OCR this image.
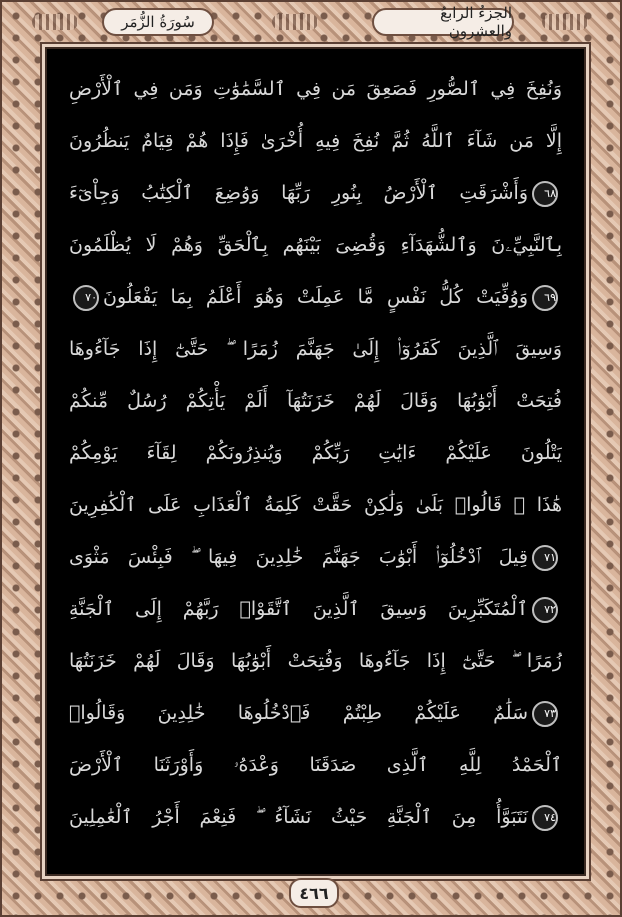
سُورَةُ الزُّمَر	الجزءُ الرابعُ والعشرون
وَنُفِخَ فِي ٱلصُّورِ فَصَعِقَ مَن فِي ٱلسَّمَٰوَٰتِ وَمَن فِي ٱلْأَرْضِ
إِلَّا مَن شَآءَ ٱللَّهُ ثُمَّ نُفِخَ فِيهِ أُخْرَىٰ فَإِذَا هُمْ قِيَامٌ يَنظُرُونَ
٦٨وَأَشْرَقَتِ ٱلْأَرْضُ بِنُورِ رَبِّهَا وَوُضِعَ ٱلْكِتَٰبُ وَجِاْىٓءَ
بِٱلنَّبِيِّۦنَ وَٱلشُّهَدَآءِ وَقُضِىَ بَيْنَهُم بِٱلْحَقِّ وَهُمْ لَا يُظْلَمُونَ
٦٩وَوُفِّيَتْ كُلُّ نَفْسٍ مَّا عَمِلَتْ وَهُوَ أَعْلَمُ بِمَا يَفْعَلُونَ٧٠
وَسِيقَ ٱلَّذِينَ كَفَرُوٓا۟ إِلَىٰ جَهَنَّمَ زُمَرًا ۖ حَتَّىٰٓ إِذَا جَآءُوهَا
فُتِحَتْ أَبْوَٰبُهَا وَقَالَ لَهُمْ خَزَنَتُهَآ أَلَمْ يَأْتِكُمْ رُسُلٌ مِّنكُمْ
يَتْلُونَ عَلَيْكُمْ ءَايَٰتِ رَبِّكُمْ وَيُنذِرُونَكُمْ لِقَآءَ يَوْمِكُمْ
هَٰذَا ۚ قَالُوا۟ بَلَىٰ وَلَٰكِنْ حَقَّتْ كَلِمَةُ ٱلْعَذَابِ عَلَى ٱلْكَٰفِرِينَ
٧١قِيلَ ٱدْخُلُوٓا۟ أَبْوَٰبَ جَهَنَّمَ خَٰلِدِينَ فِيهَا ۖ فَبِئْسَ مَثْوَى
٧٢ٱلْمُتَكَبِّرِينَ وَسِيقَ ٱلَّذِينَ ٱتَّقَوْا۟ رَبَّهُمْ إِلَى ٱلْجَنَّةِ
زُمَرًا ۖ حَتَّىٰٓ إِذَا جَآءُوهَا وَفُتِحَتْ أَبْوَٰبُهَا وَقَالَ لَهُمْ خَزَنَتُهَا
٧٣سَلَٰمٌ عَلَيْكُمْ طِبْتُمْ فَٱدْخُلُوهَا خَٰلِدِينَ وَقَالُوا۟
ٱلْحَمْدُ لِلَّهِ ٱلَّذِى صَدَقَنَا وَعْدَهُۥ وَأَوْرَثَنَا ٱلْأَرْضَ
٧٤نَتَبَوَّأُ مِنَ ٱلْجَنَّةِ حَيْثُ نَشَآءُ ۖ فَنِعْمَ أَجْرُ ٱلْعَٰمِلِينَ
٤٦٦
